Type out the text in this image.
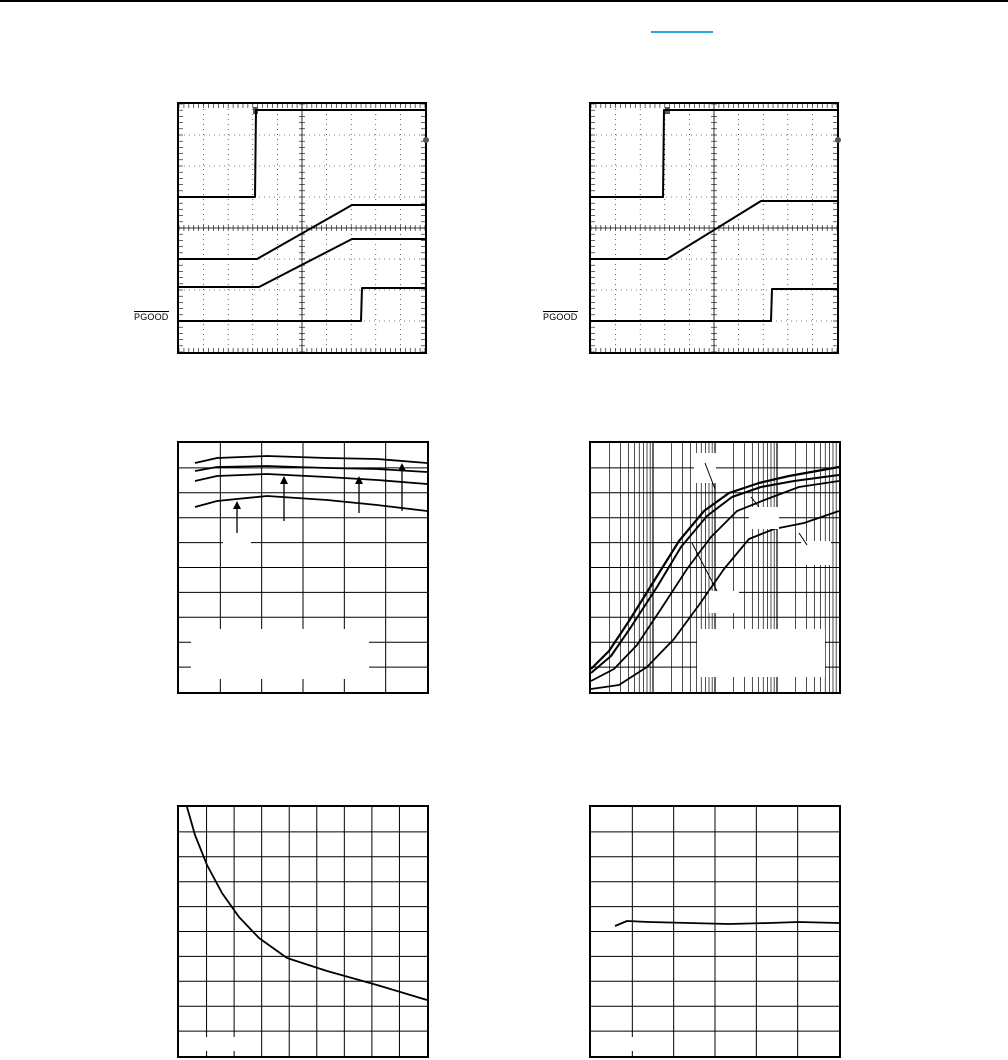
PGOOD	PGOOD
